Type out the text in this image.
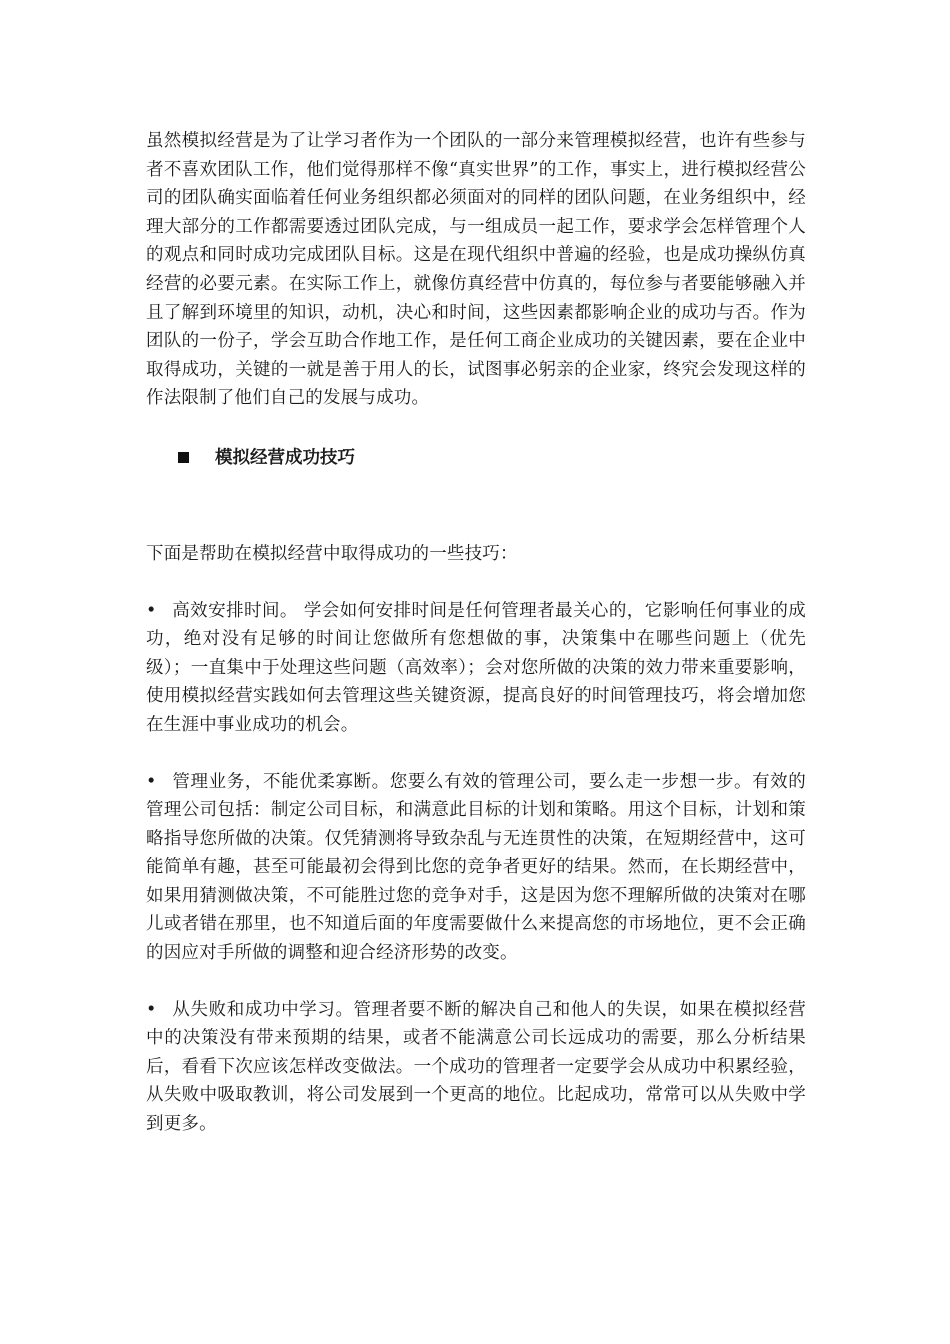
虽然模拟经营是为了让学习者作为一个团队的一部分来管理模拟经营，也许有些参与者不喜欢团队工作，他们觉得那样不像“真实世界”的工作，事实上，进行模拟经营公司的团队确实面临着任何业务组织都必须面对的同样的团队问题，在业务组织中，经理大部分的工作都需要透过团队完成，与一组成员一起工作，要求学会怎样管理个人的观点和同时成功完成团队目标。这是在现代组织中普遍的经验，也是成功操纵仿真经营的必要元素。在实际工作上，就像仿真经营中仿真的，每位参与者要能够融入并且了解到环境里的知识，动机，决心和时间，这些因素都影响企业的成功与否。作为团队的一份子，学会互助合作地工作，是任何工商企业成功的关键因素，要在企业中取得成功，关键的一就是善于用人的长，试图事必躬亲的企业家，终究会发现这样的作法限制了他们自己的发展与成功。

模拟经营成功技巧

下面是帮助在模拟经营中取得成功的一些技巧：

• 高效安排时间。 学会如何安排时间是任何管理者最关心的，它影响任何事业的成功，绝对没有足够的时间让您做所有您想做的事，决策集中在哪些问题上（优先级）；一直集中于处理这些问题（高效率）；会对您所做的决策的效力带来重要影响，使用模拟经营实践如何去管理这些关键资源，提高良好的时间管理技巧，将会增加您在生涯中事业成功的机会。

• 管理业务，不能优柔寡断。您要么有效的管理公司，要么走一步想一步。有效的管理公司包括：制定公司目标，和满意此目标的计划和策略。用这个目标，计划和策略指导您所做的决策。仅凭猜测将导致杂乱与无连贯性的决策，在短期经营中，这可能简单有趣，甚至可能最初会得到比您的竞争者更好的结果。然而，在长期经营中，如果用猜测做决策，不可能胜过您的竞争对手，这是因为您不理解所做的决策对在哪儿或者错在那里，也不知道后面的年度需要做什么来提高您的市场地位，更不会正确的因应对手所做的调整和迎合经济形势的改变。

• 从失败和成功中学习。管理者要不断的解决自己和他人的失误，如果在模拟经营中的决策没有带来预期的结果，或者不能满意公司长远成功的需要，那么分析结果后，看看下次应该怎样改变做法。一个成功的管理者一定要学会从成功中积累经验，从失败中吸取教训，将公司发展到一个更高的地位。比起成功，常常可以从失败中学到更多。
